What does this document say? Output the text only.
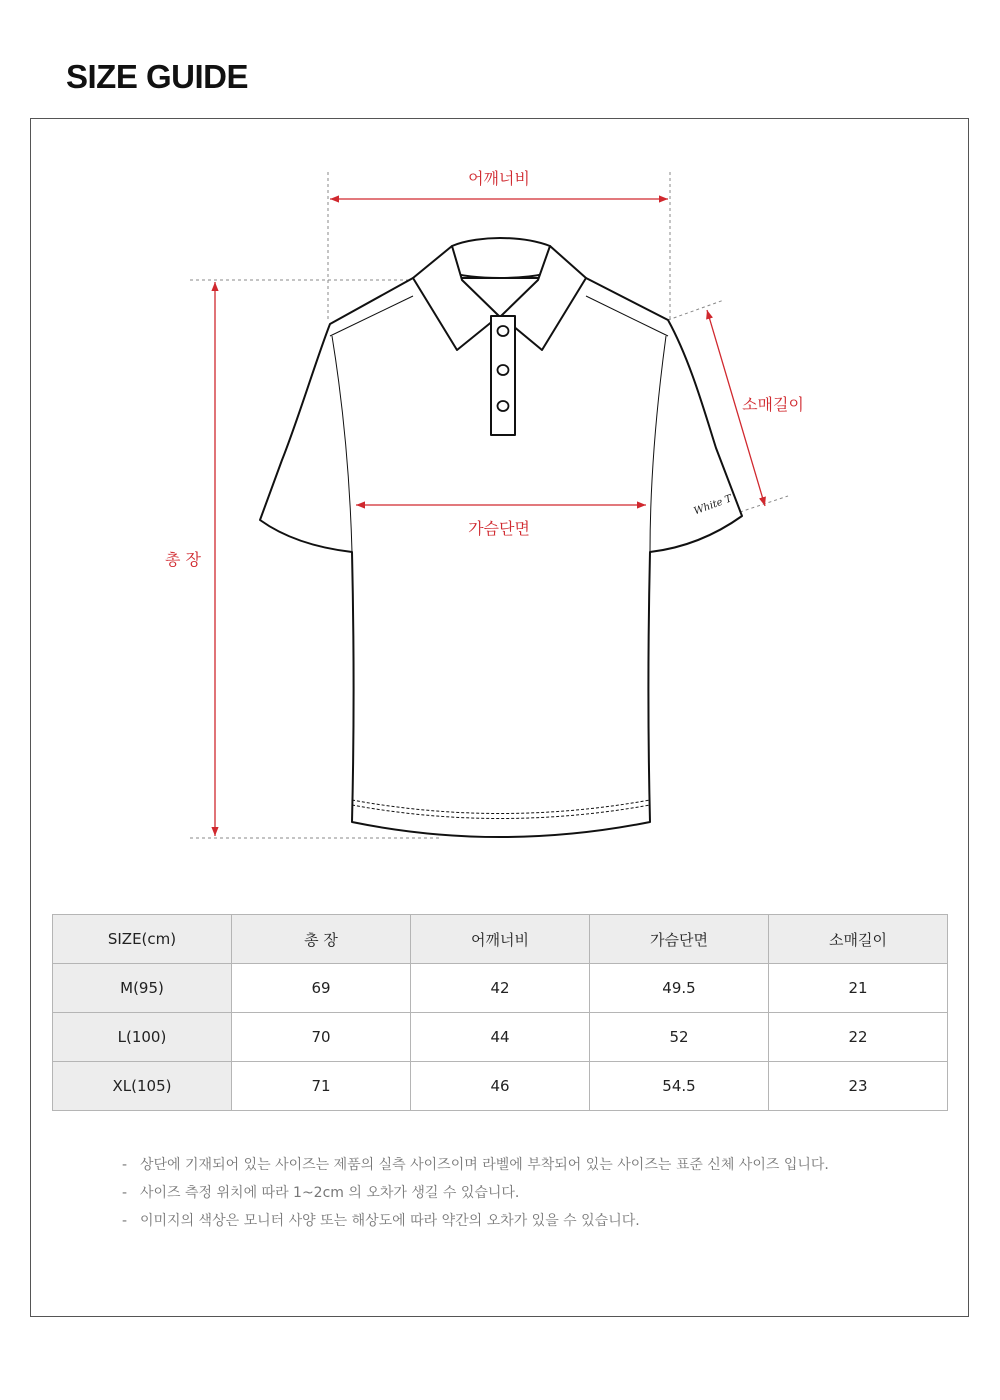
SIZE GUIDE
White T
어깨너비
총 장
가슴단면
소매길이
SIZE(cm)	총 장	어깨너비	가슴단면	소매길이
M(95)	69	42	49.5	21
L(100)	70	44	52	22
XL(105)	71	46	54.5	23
- 상단에 기재되어 있는 사이즈는 제품의 실측 사이즈이며 라벨에 부착되어 있는 사이즈는 표준 신체 사이즈 입니다.
- 사이즈 측정 위치에 따라 1~2cm 의 오차가 생길 수 있습니다.
- 이미지의 색상은 모니터 사양 또는 해상도에 따라 약간의 오차가 있을 수 있습니다.
